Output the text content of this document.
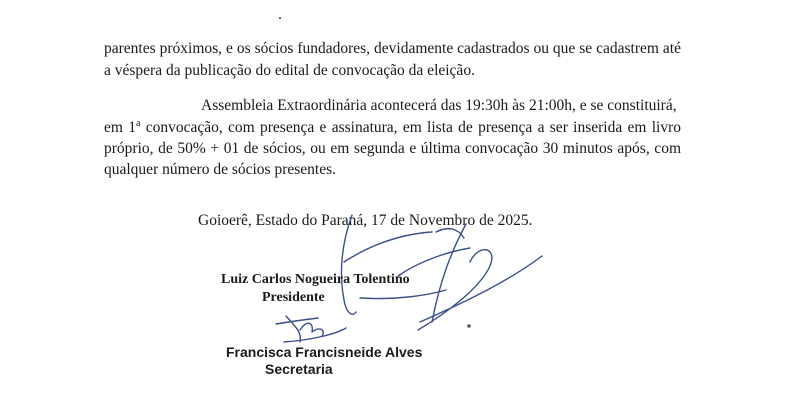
parentes próximos, e os sócios fundadores, devidamente cadastrados ou que se cadastrem até
a véspera da publicação do edital de convocação da eleição.
Assembleia Extraordinária acontecerá das 19:30h às 21:00h, e se constituirá,
em 1$^a$ convocação, com presença e assinatura, em lista de presença a ser inserida em livro
próprio, de 50% + 01 de sócios, ou em segunda e última convocação 30 minutos após, com
qualquer número de sócios presentes.
Goioerê, Estado do Paraná, 17 de Novembro de 2025.
Luiz Carlos Nogueira Tolentino
Presidente
Francisca Francisneide Alves
Secretaria
